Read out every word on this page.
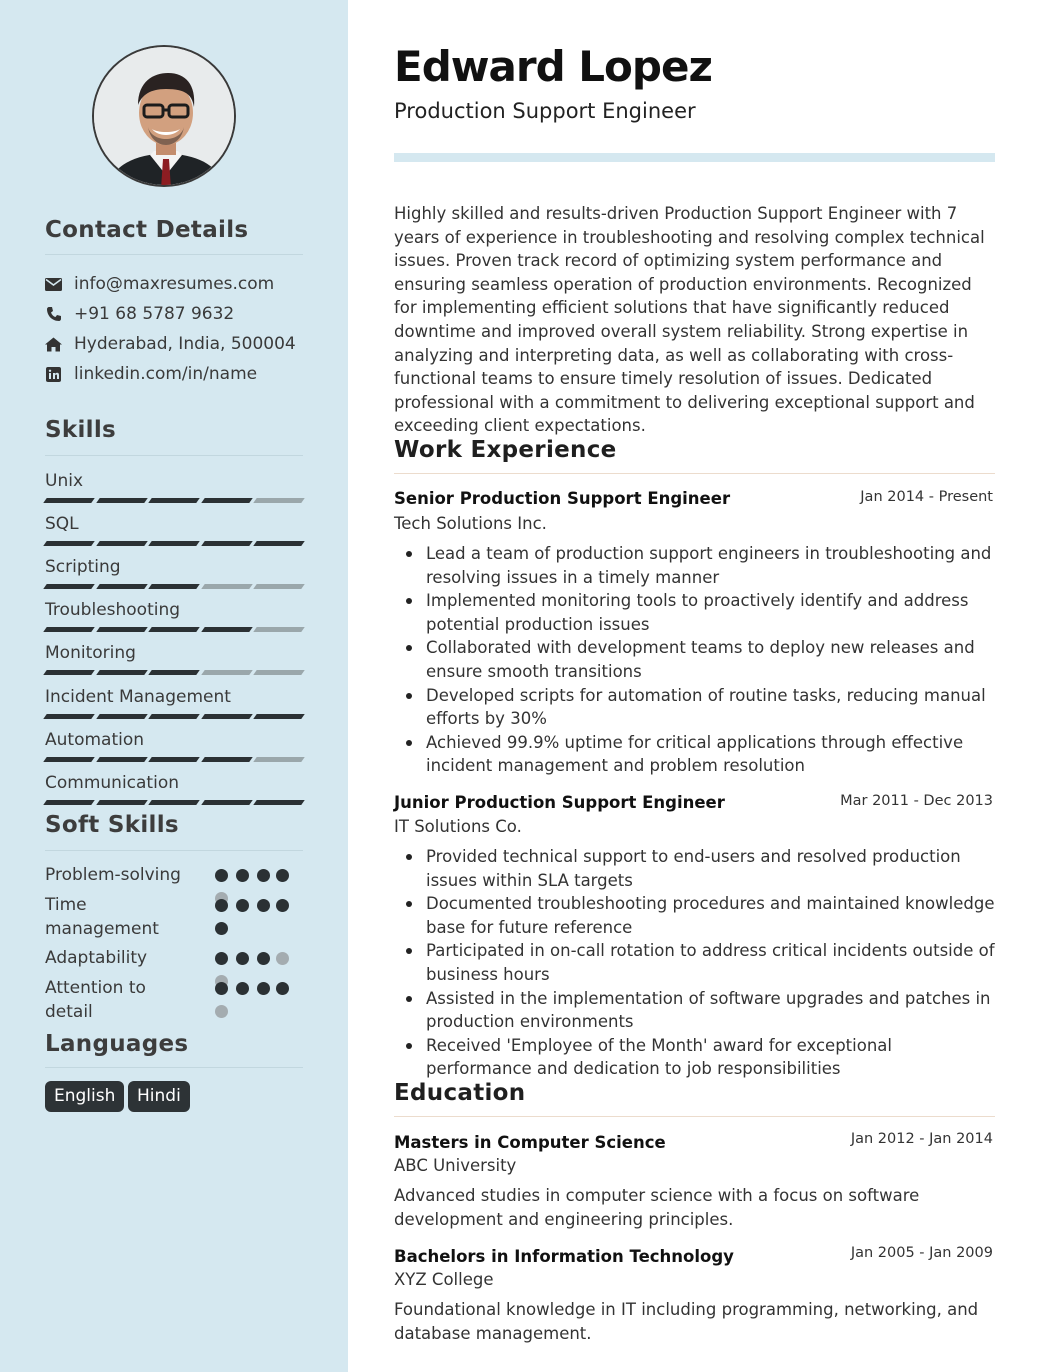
Contact Details
info@maxresumes.com
+91 68 5787 9632
Hyderabad, India, 500004
linkedin.com/in/name
Skills
Unix
SQL
Scripting
Troubleshooting
Monitoring
Incident Management
Automation
Communication
Soft Skills
Problem-solving
Time management
Adaptability
Attention to detail
Languages
English	Hindi
Edward Lopez
Production Support Engineer
Highly skilled and results-driven Production Support Engineer with 7 years of experience in troubleshooting and resolving complex technical issues. Proven track record of optimizing system performance and ensuring seamless operation of production environments. Recognized for implementing efficient solutions that have significantly reduced downtime and improved overall system reliability. Strong expertise in analyzing and interpreting data, as well as collaborating with cross-functional teams to ensure timely resolution of issues. Dedicated professional with a commitment to delivering exceptional support and exceeding client expectations.
Work Experience
Senior Production Support Engineer	Jan 2014 - Present
Tech Solutions Inc.
Lead a team of production support engineers in troubleshooting and resolving issues in a timely manner
Implemented monitoring tools to proactively identify and address potential production issues
Collaborated with development teams to deploy new releases and ensure smooth transitions
Developed scripts for automation of routine tasks, reducing manual efforts by 30%
Achieved 99.9% uptime for critical applications through effective incident management and problem resolution
Junior Production Support Engineer	Mar 2011 - Dec 2013
IT Solutions Co.
Provided technical support to end-users and resolved production issues within SLA targets
Documented troubleshooting procedures and maintained knowledge base for future reference
Participated in on-call rotation to address critical incidents outside of business hours
Assisted in the implementation of software upgrades and patches in production environments
Received 'Employee of the Month' award for exceptional performance and dedication to job responsibilities
Education
Masters in Computer Science	Jan 2012 - Jan 2014
ABC University
Advanced studies in computer science with a focus on software development and engineering principles.
Bachelors in Information Technology	Jan 2005 - Jan 2009
XYZ College
Foundational knowledge in IT including programming, networking, and database management.
